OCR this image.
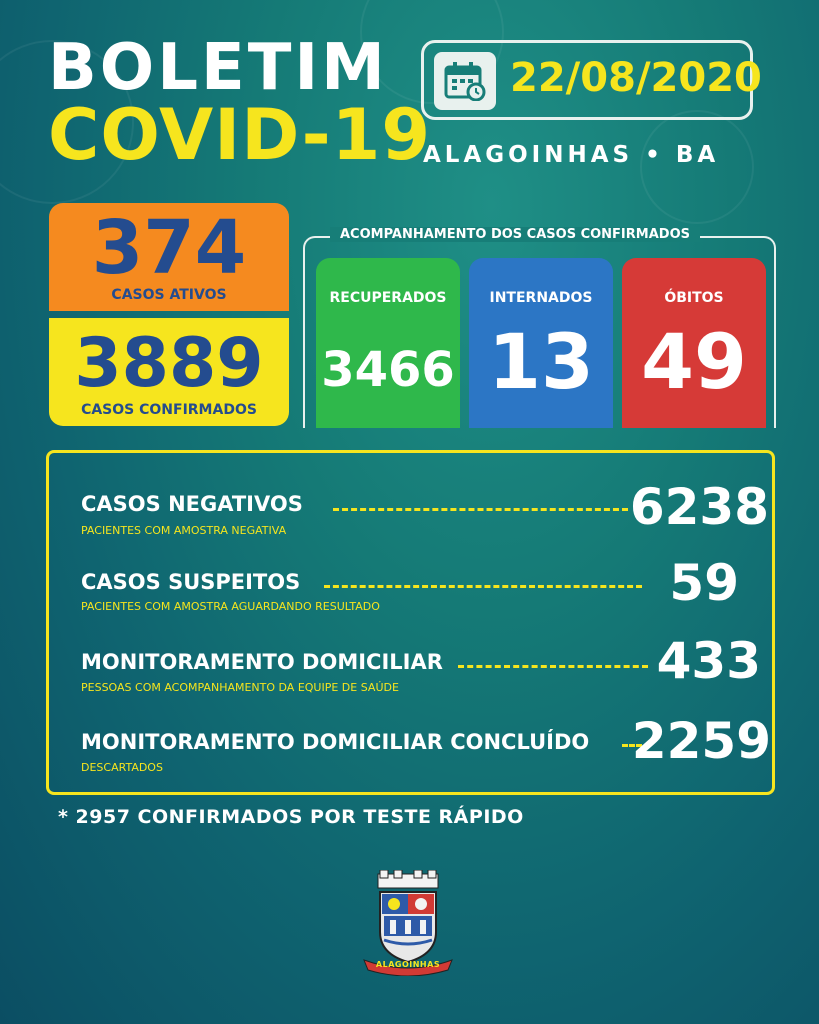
BOLETIM
COVID-19
22/08/2020
ALAGOINHAS • BA
374
CASOS ATIVOS
3889
CASOS CONFIRMADOS
ACOMPANHAMENTO DOS CASOS CONFIRMADOS
RECUPERADOS
3466
INTERNADOS
13
ÓBITOS
49
CASOS NEGATIVOS
PACIENTES COM AMOSTRA NEGATIVA	6238
CASOS SUSPEITOS
PACIENTES COM AMOSTRA AGUARDANDO RESULTADO	59
MONITORAMENTO DOMICILIAR
PESSOAS COM ACOMPANHAMENTO DA EQUIPE DE SAÚDE	433
MONITORAMENTO DOMICILIAR CONCLUÍDO
DESCARTADOS	2259
* 2957 CONFIRMADOS POR TESTE RÁPIDO
ALAGOINHAS
